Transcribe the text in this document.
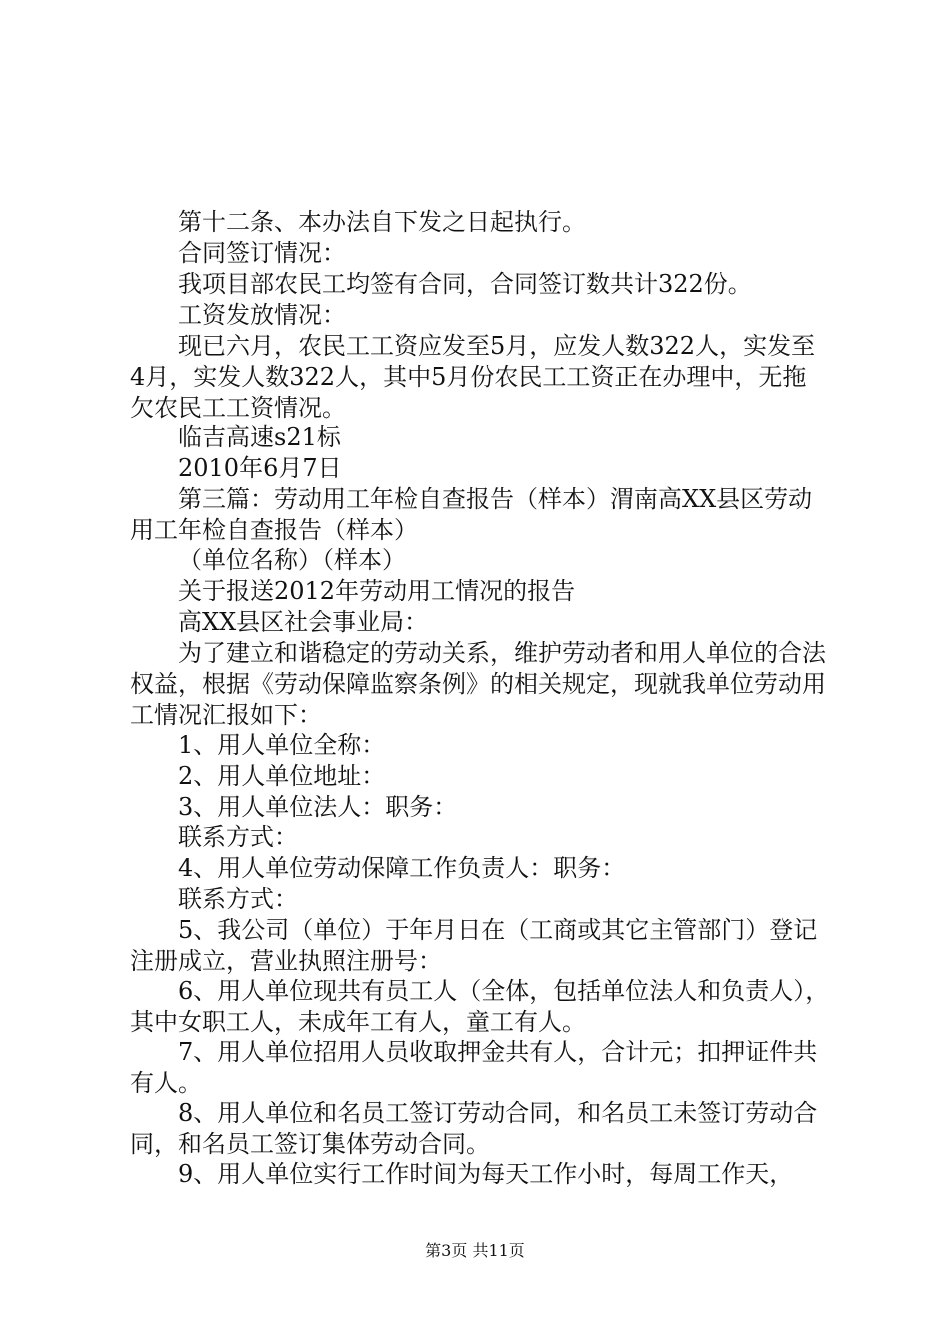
第十二条、本办法自下发之日起执行。

合同签订情况：

我项目部农民工均签有合同，合同签订数共计322份。

工资发放情况：

现已六月，农民工工资应发至5月，应发人数322人，实发至4月，实发人数322人，其中5月份农民工工资正在办理中，无拖欠农民工工资情况。

临吉高速s21标

2010年6月7日

第三篇：劳动用工年检自查报告（样本）渭南高XX县区劳动用工年检自查报告（样本）

（单位名称）（样本）

关于报送2012年劳动用工情况的报告

高XX县区社会事业局：

为了建立和谐稳定的劳动关系，维护劳动者和用人单位的合法权益，根据《劳动保障监察条例》的相关规定，现就我单位劳动用工情况汇报如下：

1、用人单位全称：

2、用人单位地址：

3、用人单位法人：职务：

联系方式：

4、用人单位劳动保障工作负责人：职务：

联系方式：

5、我公司（单位）于年月日在（工商或其它主管部门）登记注册成立，营业执照注册号：

6、用人单位现共有员工人（全体，包括单位法人和负责人），其中女职工人，未成年工有人，童工有人。

7、用人单位招用人员收取押金共有人，合计元；扣押证件共有人。

8、用人单位和名员工签订劳动合同，和名员工未签订劳动合同，和名员工签订集体劳动合同。

9、用人单位实行工作时间为每天工作小时，每周工作天，

第3页 共11页
